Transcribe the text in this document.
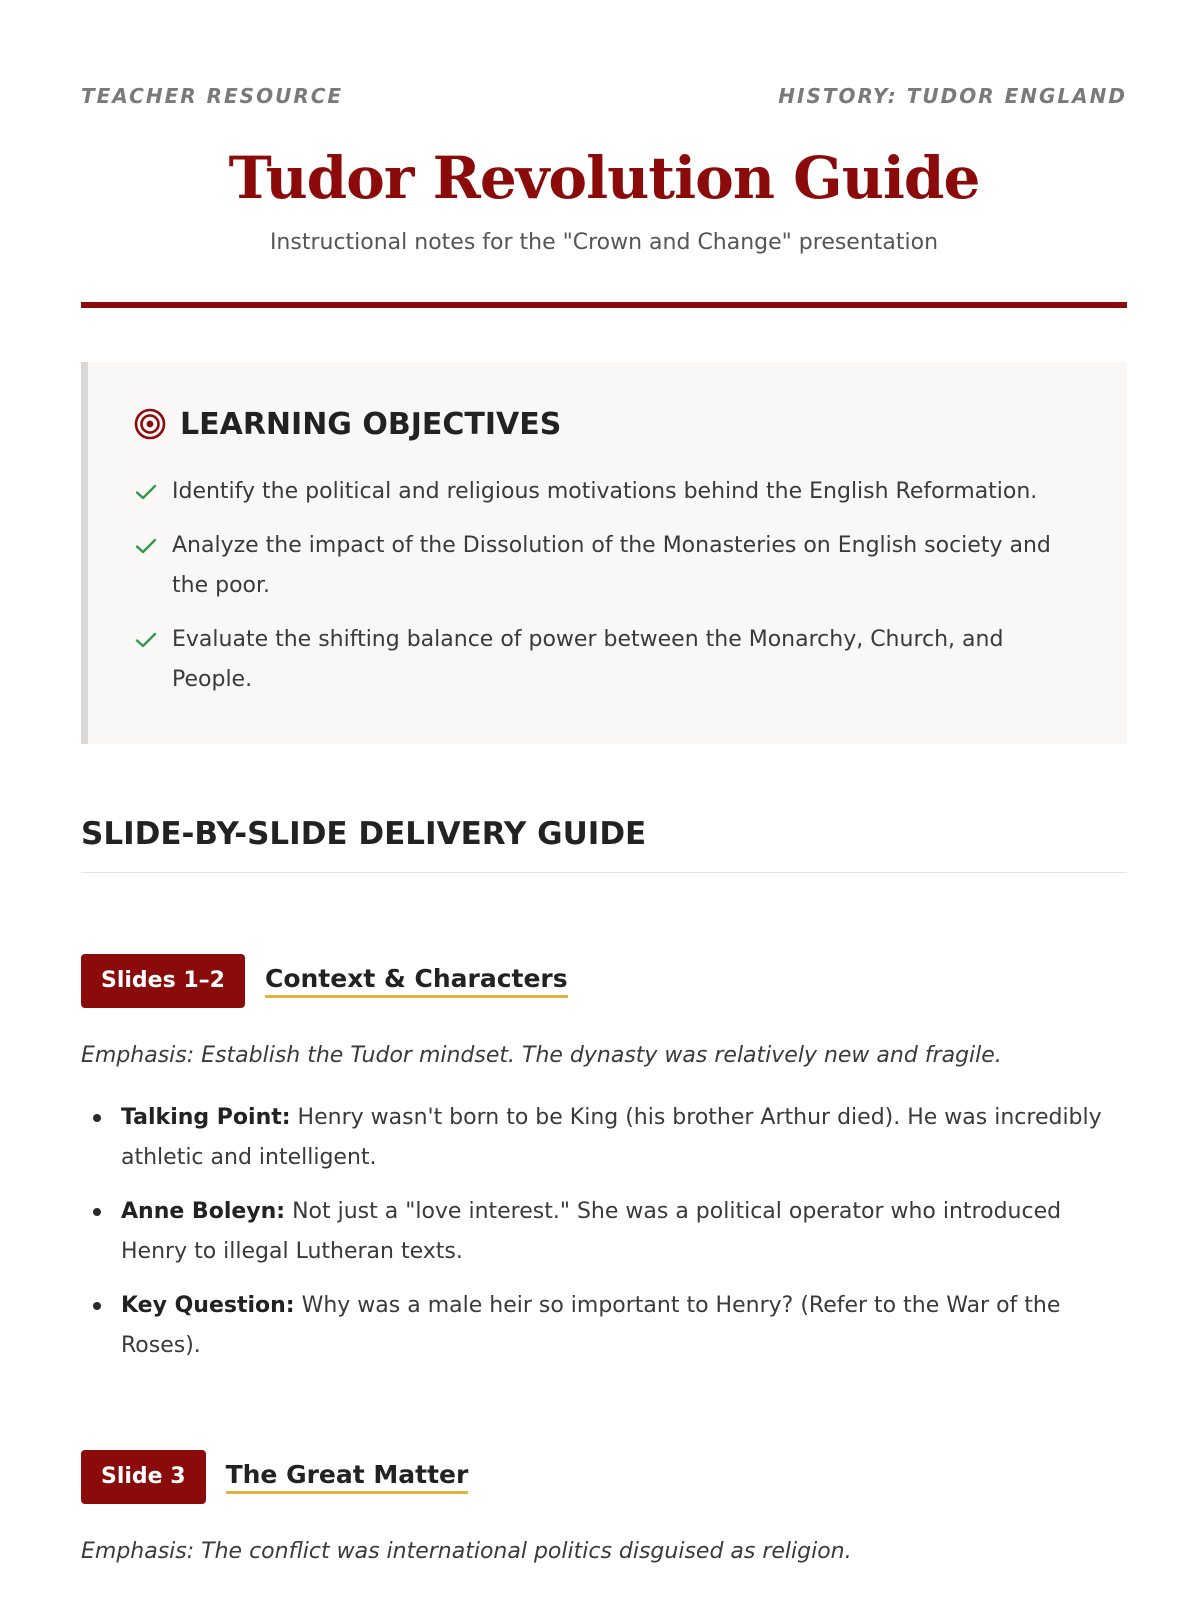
TEACHER RESOURCE	HISTORY: TUDOR ENGLAND
Tudor Revolution Guide
Instructional notes for the "Crown and Change" presentation
LEARNING OBJECTIVES
Identify the political and religious motivations behind the English Reformation.
Analyze the impact of the Dissolution of the Monasteries on English society and the poor.
Evaluate the shifting balance of power between the Monarchy, Church, and People.
SLIDE-BY-SLIDE DELIVERY GUIDE
Slides 1–2	Context & Characters
Emphasis: Establish the Tudor mindset. The dynasty was relatively new and fragile.
Talking Point: Henry wasn't born to be King (his brother Arthur died). He was incredibly athletic and intelligent.
Anne Boleyn: Not just a "love interest." She was a political operator who introduced Henry to illegal Lutheran texts.
Key Question: Why was a male heir so important to Henry? (Refer to the War of the Roses).
Slide 3	The Great Matter
Emphasis: The conflict was international politics disguised as religion.
